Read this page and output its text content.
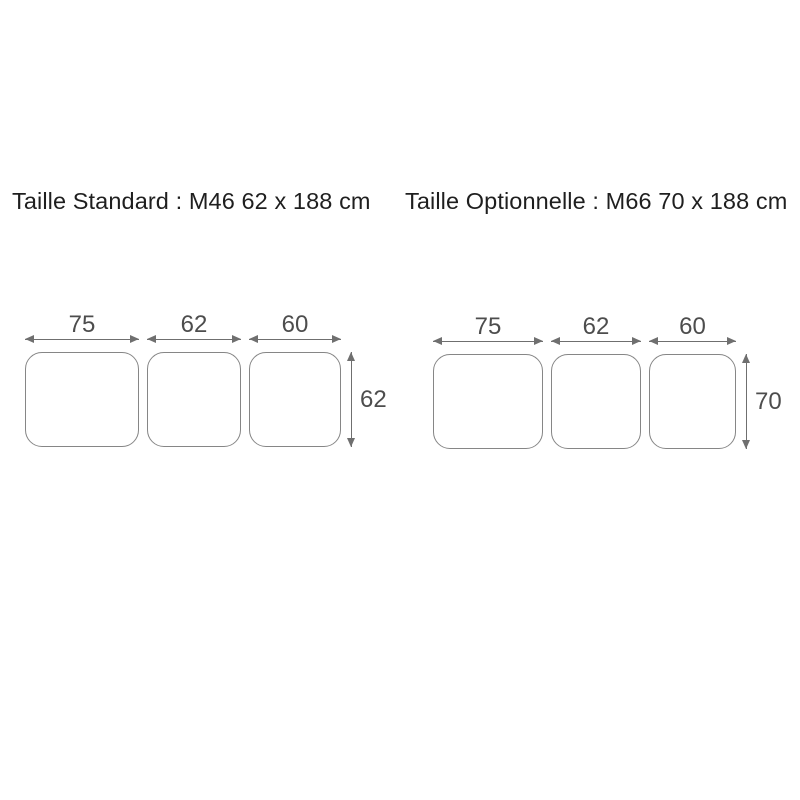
Taille Standard : M46 62 x 188 cm Taille Optionnelle : M66 70 x 188 cm
75	62	60
62
75	62	60
70
